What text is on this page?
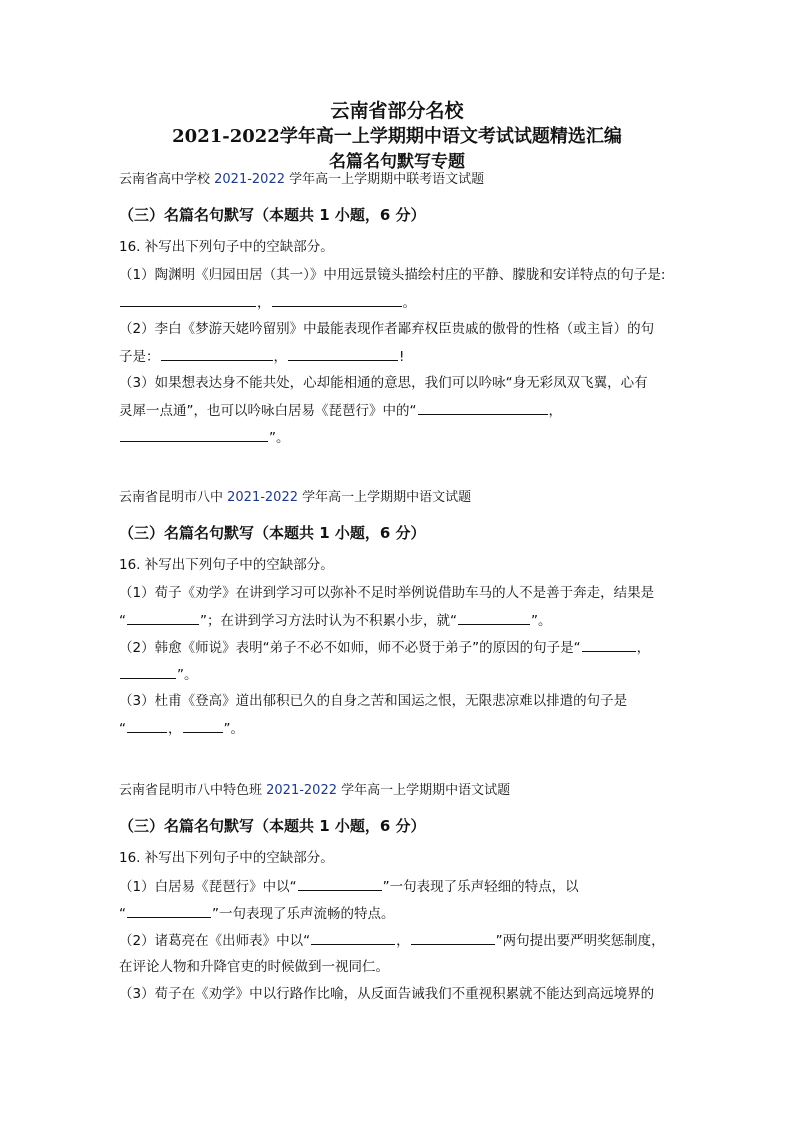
云南省部分名校
2021-2022学年高一上学期期中语文考试试题精选汇编
名篇名句默写专题
云南省高中学校 2021-2022 学年高一上学期期中联考语文试题
（三）名篇名句默写（本题共 1 小题，6 分）
16. 补写出下列句子中的空缺部分。
（1）陶渊明《归园田居（其一）》中用远景镜头描绘村庄的平静、朦胧和安详特点的句子是:
，	。
（2）李白《梦游天姥吟留别》中最能表现作者鄙弃权臣贵戚的傲骨的性格（或主旨）的句
子是：	，	!
（3）如果想表达身不能共处，心却能相通的意思，我们可以吟咏“身无彩凤双飞翼，心有
灵犀一点通”，也可以吟咏白居易《琵琶行》中的“	，
”。
云南省昆明市八中 2021-2022 学年高一上学期期中语文试题
（三）名篇名句默写（本题共 1 小题，6 分）
16. 补写出下列句子中的空缺部分。
（1）荀子《劝学》在讲到学习可以弥补不足时举例说借助车马的人不是善于奔走，结果是
“	”；在讲到学习方法时认为不积累小步，就“	”。
（2）韩愈《师说》表明“弟子不必不如师，师不必贤于弟子”的原因的句子是“	，
”。
（3）杜甫《登高》道出郁积已久的自身之苦和国运之恨，无限悲凉难以排遣的句子是
“	，	”。
云南省昆明市八中特色班 2021-2022 学年高一上学期期中语文试题
（三）名篇名句默写（本题共 1 小题，6 分）
16. 补写出下列句子中的空缺部分。
（1）白居易《琵琶行》中以“	”一句表现了乐声轻细的特点，以
“	”一句表现了乐声流畅的特点。
（2）诸葛亮在《出师表》中以“	，	”两句提出要严明奖惩制度，
在评论人物和升降官吏的时候做到一视同仁。
（3）荀子在《劝学》中以行路作比喻，从反面告诫我们不重视积累就不能达到高远境界的
